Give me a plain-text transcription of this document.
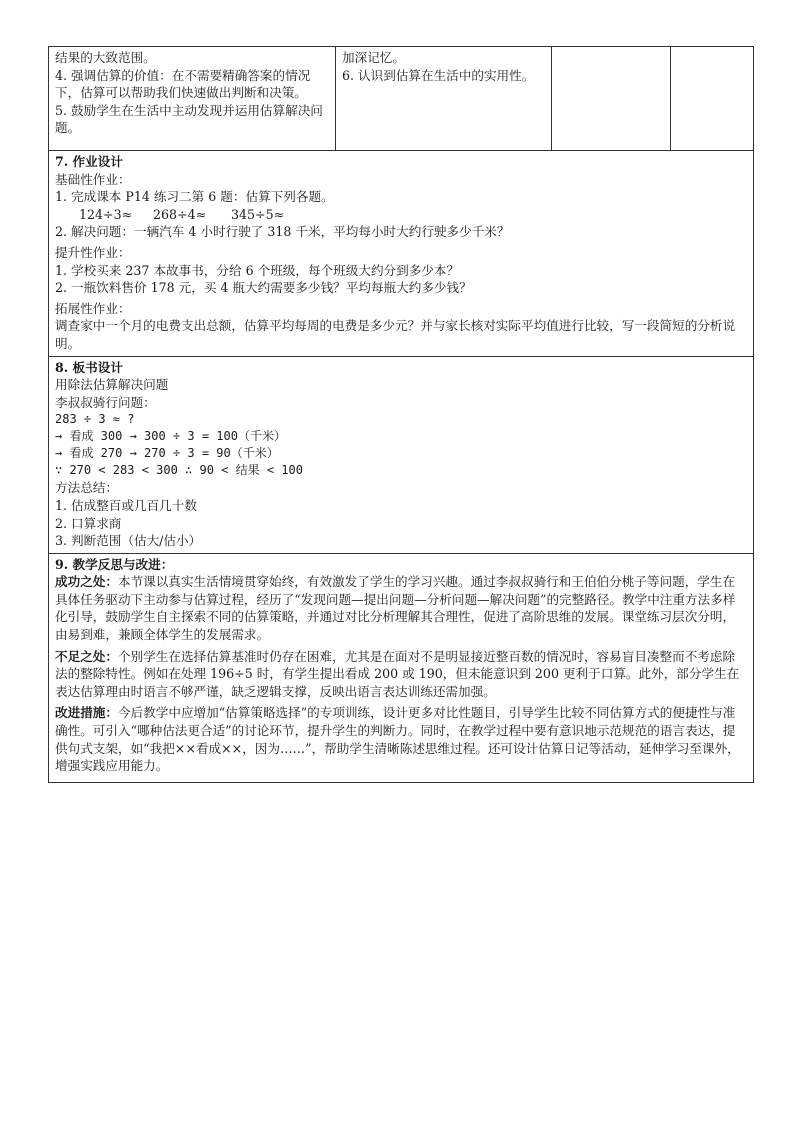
结果的大致范围。
4. 强调估算的价值：在不需要精确答案的情况下，估算可以帮助我们快速做出判断和决策。
5. 鼓励学生在生活中主动发现并运用估算解决问题。

加深记忆。
6. 认识到估算在生活中的实用性。

7. 作业设计
基础性作业：
1. 完成课本 P14 练习二第 6 题：估算下列各题。
124÷3≈ 268÷4≈ 345÷5≈
2. 解决问题：一辆汽车 4 小时行驶了 318 千米，平均每小时大约行驶多少千米？
提升性作业：
1. 学校买来 237 本故事书，分给 6 个班级，每个班级大约分到多少本？
2. 一瓶饮料售价 178 元，买 4 瓶大约需要多少钱？平均每瓶大约多少钱？
拓展性作业：
调查家中一个月的电费支出总额，估算平均每周的电费是多少元？并与家长核对实际平均值进行比较，写一段简短的分析说明。

8. 板书设计
用除法估算解决问题
李叔叔骑行问题：
283 ÷ 3 ≈ ?
→ 看成 300 → 300 ÷ 3 = 100（千米）
→ 看成 270 → 270 ÷ 3 = 90（千米）
∵ 270 < 283 < 300 ∴ 90 < 结果 < 100
方法总结：
1. 估成整百或几百几十数
2. 口算求商
3. 判断范围（估大/估小）

9. 教学反思与改进：
成功之处：本节课以真实生活情境贯穿始终，有效激发了学生的学习兴趣。通过李叔叔骑行和王伯伯分桃子等问题，学生在具体任务驱动下主动参与估算过程，经历了“发现问题—提出问题—分析问题—解决问题”的完整路径。教学中注重方法多样化引导，鼓励学生自主探索不同的估算策略，并通过对比分析理解其合理性，促进了高阶思维的发展。课堂练习层次分明，由易到难，兼顾全体学生的发展需求。
不足之处：个别学生在选择估算基准时仍存在困难，尤其是在面对不是明显接近整百数的情况时，容易盲目凑整而不考虑除法的整除特性。例如在处理 196÷5 时，有学生提出看成 200 或 190，但未能意识到 200 更利于口算。此外，部分学生在表达估算理由时语言不够严谨，缺乏逻辑支撑，反映出语言表达训练还需加强。
改进措施：今后教学中应增加“估算策略选择”的专项训练，设计更多对比性题目，引导学生比较不同估算方式的便捷性与准确性。可引入“哪种估法更合适”的讨论环节，提升学生的判断力。同时，在教学过程中要有意识地示范规范的语言表达，提供句式支架，如“我把××看成××，因为……”，帮助学生清晰陈述思维过程。还可设计估算日记等活动，延伸学习至课外，增强实践应用能力。
